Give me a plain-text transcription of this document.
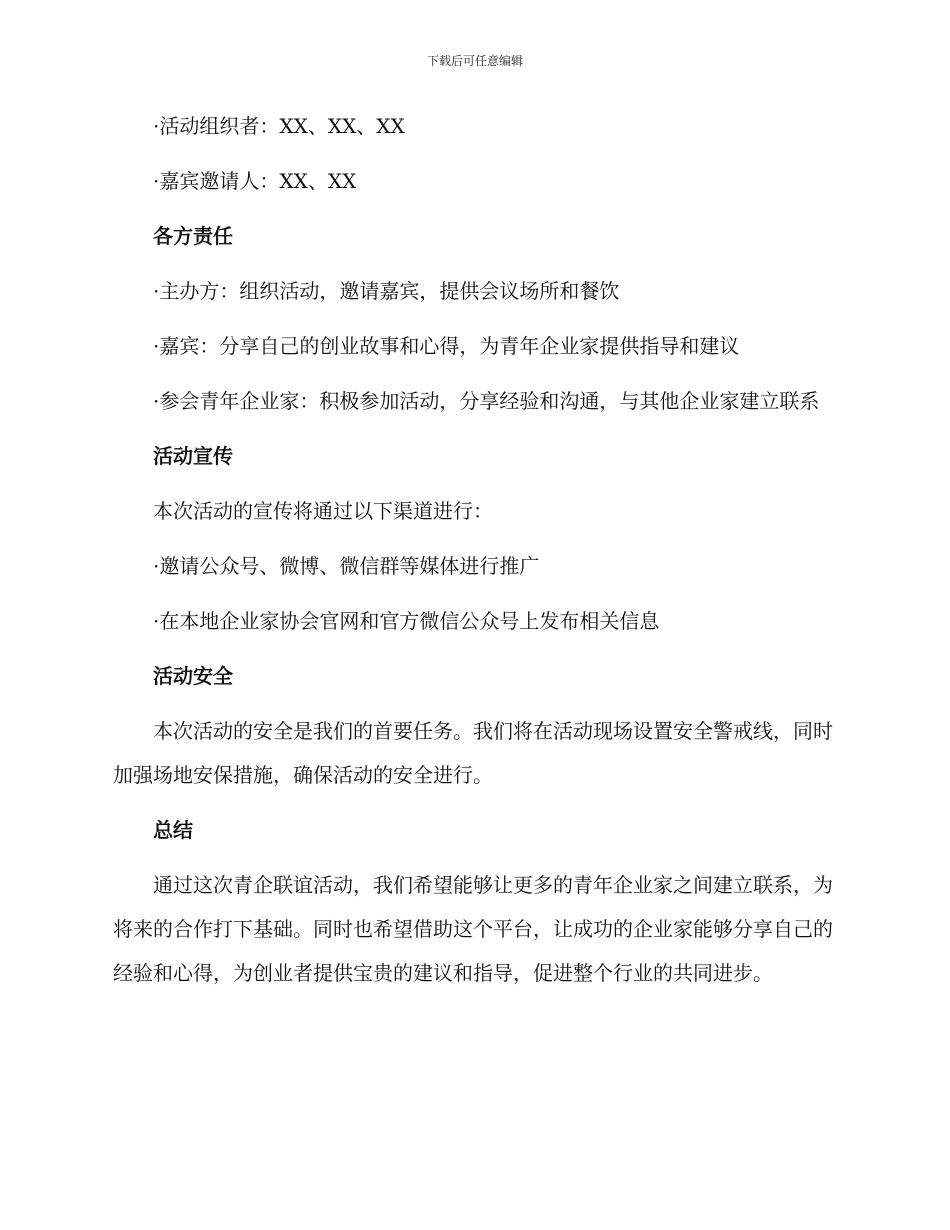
下载后可任意编辑

·活动组织者：XX、XX、XX

·嘉宾邀请人：XX、XX

各方责任

·主办方：组织活动，邀请嘉宾，提供会议场所和餐饮

·嘉宾：分享自己的创业故事和心得，为青年企业家提供指导和建议

·参会青年企业家：积极参加活动，分享经验和沟通，与其他企业家建立联系

活动宣传

本次活动的宣传将通过以下渠道进行：

·邀请公众号、微博、微信群等媒体进行推广

·在本地企业家协会官网和官方微信公众号上发布相关信息

活动安全

本次活动的安全是我们的首要任务。我们将在活动现场设置安全警戒线，同时加强场地安保措施，确保活动的安全进行。

总结

通过这次青企联谊活动，我们希望能够让更多的青年企业家之间建立联系，为将来的合作打下基础。同时也希望借助这个平台，让成功的企业家能够分享自己的经验和心得，为创业者提供宝贵的建议和指导，促进整个行业的共同进步。
